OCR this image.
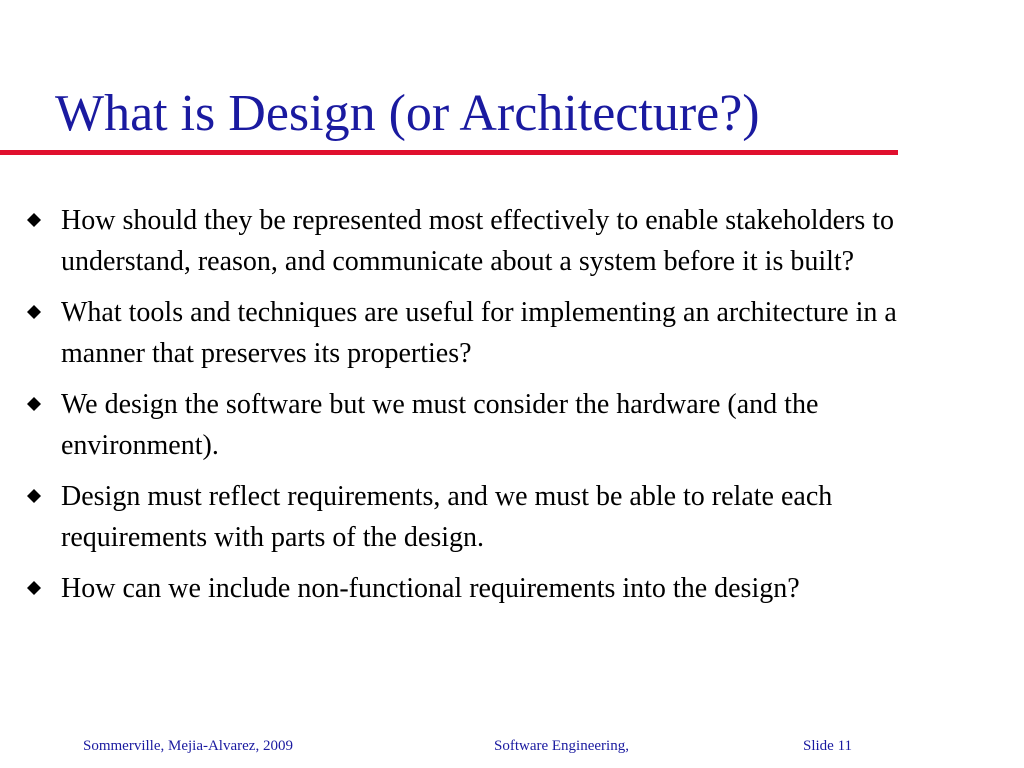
What is Design (or Architecture?)
How should they be represented most effectively to enable stakeholders to understand, reason, and communicate about a system before it is built?
What tools and techniques are useful for implementing an architecture in a manner that preserves its properties?
We design the software but we must consider the hardware (and the environment).
Design must reflect requirements, and we must be able to relate each requirements with parts of the design.
How can we include non-functional requirements into the design?
Sommerville, Mejia-Alvarez, 2009	Software Engineering,	Slide 11
